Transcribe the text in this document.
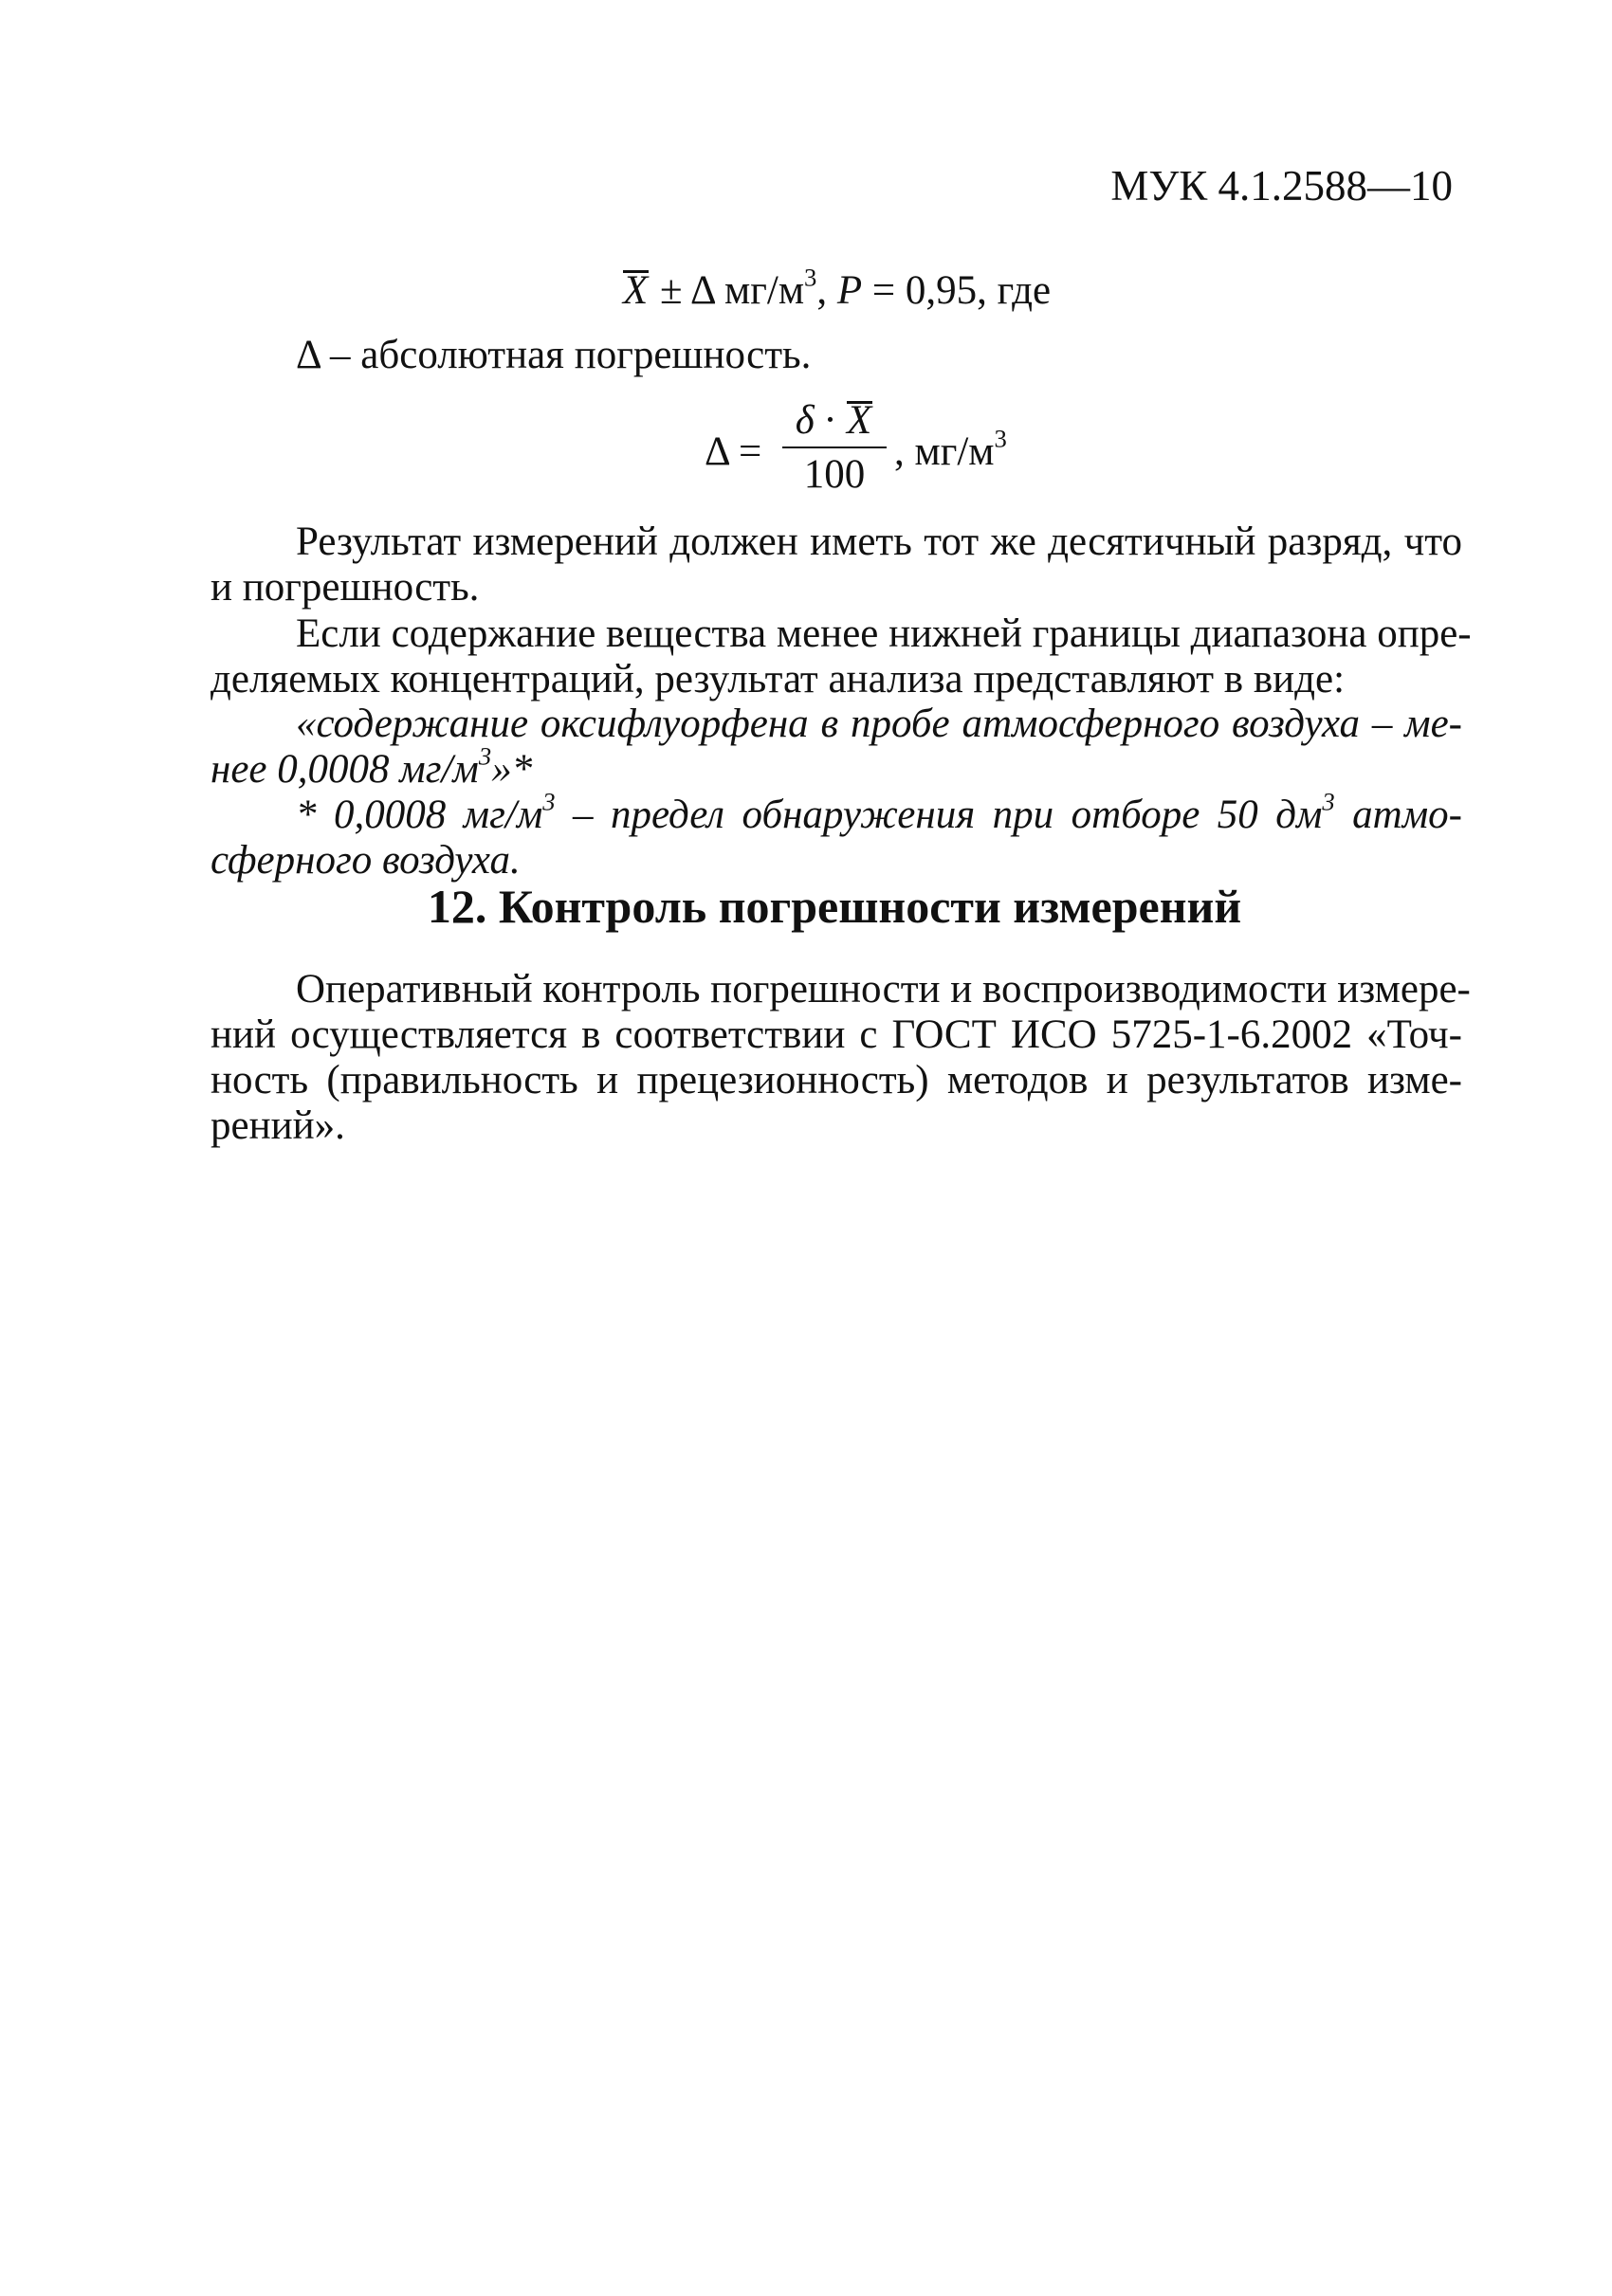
МУК 4.1.2588—10
X ± Δ $мг/м^3$, P = 0,95, где
Δ – абсолютная погрешность.
Δ =
δ · X
100
, $мг/м^3$
Результат измерений должен иметь тот же десятичный разряд, что
и погрешность.
Если содержание вещества менее нижней границы диапазона опре-
деляемых концентраций, результат анализа представляют в виде:
«содержание оксифлуорфена в пробе атмосферного воздуха – ме-
нее 0,0008 $мг/м^3»*$
* 0,0008 $мг/м^3$ – предел обнаружения при отборе 50 $дм^3$ атмо-
сферного воздуха.
12. Контроль погрешности измерений
Оперативный контроль погрешности и воспроизводимости измере-
ний осуществляется в соответствии с ГОСТ ИСО 5725-1-6.2002 «Точ-
ность (правильность и прецезионность) методов и результатов изме-
рений».
